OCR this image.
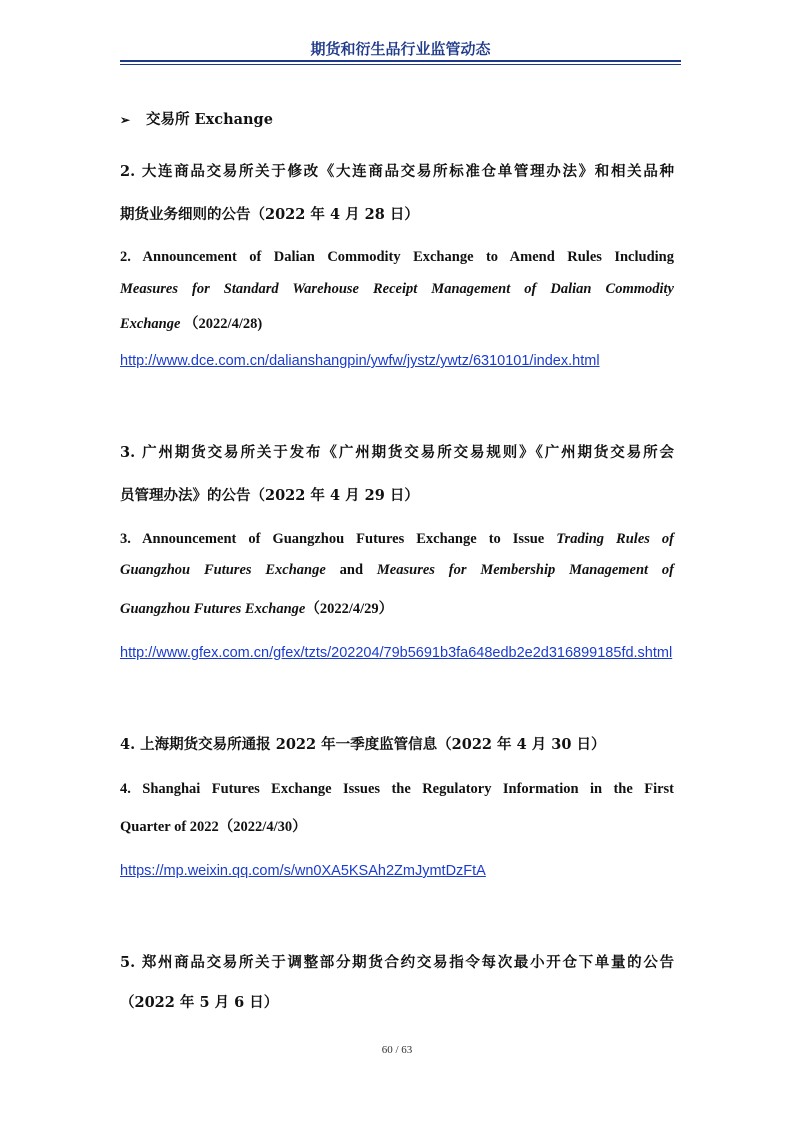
期货和衍生品行业监管动态
➢ 交易所 Exchange
2. 大连商品交易所关于修改《大连商品交易所标准仓单管理办法》和相关品种
期货业务细则的公告（2022 年 4 月 28 日）
2. Announcement of Dalian Commodity Exchange to Amend Rules Including
Measures for Standard Warehouse Receipt Management of Dalian Commodity
Exchange （2022/4/28)
http://www.dce.com.cn/dalianshangpin/ywfw/jystz/ywtz/6310101/index.html
3. 广州期货交易所关于发布《广州期货交易所交易规则》《广州期货交易所会
员管理办法》的公告（2022 年 4 月 29 日）
3. Announcement of Guangzhou Futures Exchange to Issue Trading Rules of
Guangzhou Futures Exchange and Measures for Membership Management of
Guangzhou Futures Exchange（2022/4/29）
http://www.gfex.com.cn/gfex/tzts/202204/79b5691b3fa648edb2e2d316899185fd.shtml
4. 上海期货交易所通报 2022 年一季度监管信息（2022 年 4 月 30 日）
4. Shanghai Futures Exchange Issues the Regulatory Information in the First
Quarter of 2022（2022/4/30）
https://mp.weixin.qq.com/s/wn0XA5KSAh2ZmJymtDzFtA
5. 郑州商品交易所关于调整部分期货合约交易指令每次最小开仓下单量的公告
（2022 年 5 月 6 日）
60 / 63
